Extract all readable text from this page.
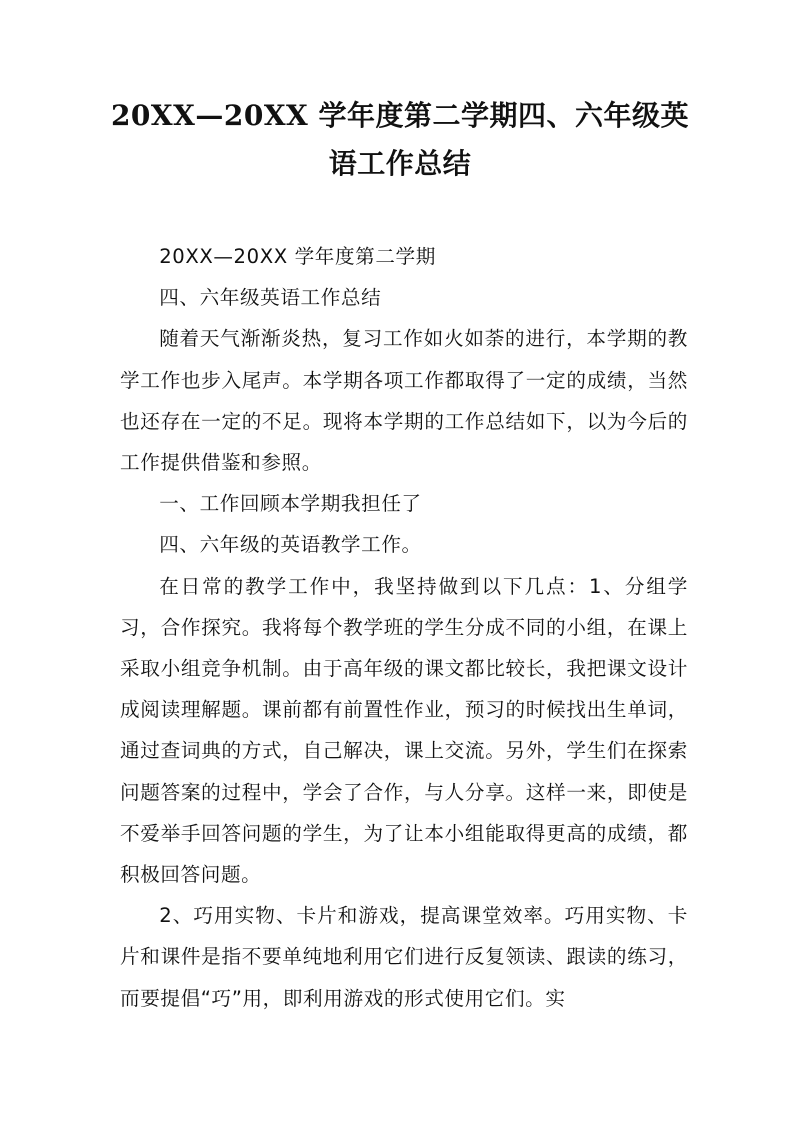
20XX—20XX 学年度第二学期四、六年级英语工作总结

20XX—20XX 学年度第二学期

四、六年级英语工作总结

随着天气渐渐炎热，复习工作如火如荼的进行，本学期的教学工作也步入尾声。本学期各项工作都取得了一定的成绩，当然也还存在一定的不足。现将本学期的工作总结如下，以为今后的工作提供借鉴和参照。

一、工作回顾本学期我担任了

四、六年级的英语教学工作。

在日常的教学工作中，我坚持做到以下几点：1、分组学习，合作探究。我将每个教学班的学生分成不同的小组，在课上采取小组竞争机制。由于高年级的课文都比较长，我把课文设计成阅读理解题。课前都有前置性作业，预习的时候找出生单词，通过查词典的方式，自己解决，课上交流。另外，学生们在探索问题答案的过程中，学会了合作，与人分享。这样一来，即使是不爱举手回答问题的学生，为了让本小组能取得更高的成绩，都积极回答问题。

2、巧用实物、卡片和游戏，提高课堂效率。巧用实物、卡片和课件是指不要单纯地利用它们进行反复领读、跟读的练习，而要提倡“巧”用，即利用游戏的形式使用它们。实
